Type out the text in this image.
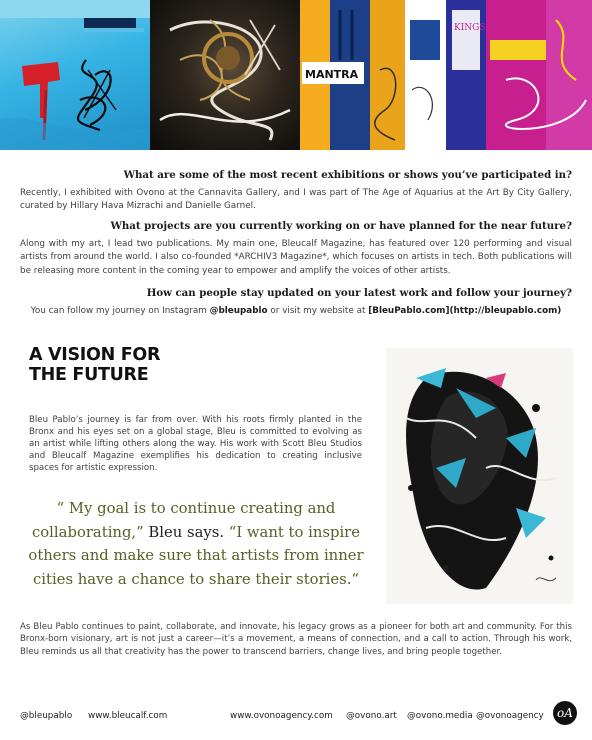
MANTRA
KINGS
What are some of the most recent exhibitions or shows you’ve participated in?
Recently, I exhibited with Ovono at the Cannavita Gallery, and I was part of The Age of Aquarius at the Art By City Gallery, curated by Hillary Hava Mizrachi and Danielle Garnel.
What projects are you currently working on or have planned for the near future?
Along with my art, I lead two publications. My main one, Bleucalf Magazine, has featured over 120 performing and visual artists from around the world. I also co-founded *ARCHIV3 Magazine*, which focuses on artists in tech. Both publications will be releasing more content in the coming year to empower and amplify the voices of other artists.
How can people stay updated on your latest work and follow your journey?
You can follow my journey on Instagram @bleupablo or visit my website at [BleuPablo.com](http://bleupablo.com)
A VISION FOR
THE FUTURE
Bleu Pablo’s journey is far from over. With his roots firmly planted in the Bronx and his eyes set on a global stage, Bleu is committed to evolving as an artist while lifting others along the way. His work with Scott Bleu Studios and Bleucalf Magazine exemplifies his dedication to creating inclusive spaces for artistic expression.
“ My goal is to continue creating and collaborating,” Bleu says. “I want to inspire others and make sure that artists from inner cities have a chance to share their stories.“
As Bleu Pablo continues to paint, collaborate, and innovate, his legacy grows as a pioneer for both art and community. For this Bronx-born visionary, art is not just a career—it’s a movement, a means of connection, and a call to action. Through his work, Bleu reminds us all that creativity has the power to transcend barriers, change lives, and bring people together.
@bleupablo www.bleucalf.com	www.ovonoagency.com @ovono.art @ovono.media @ovonoagency	oA
